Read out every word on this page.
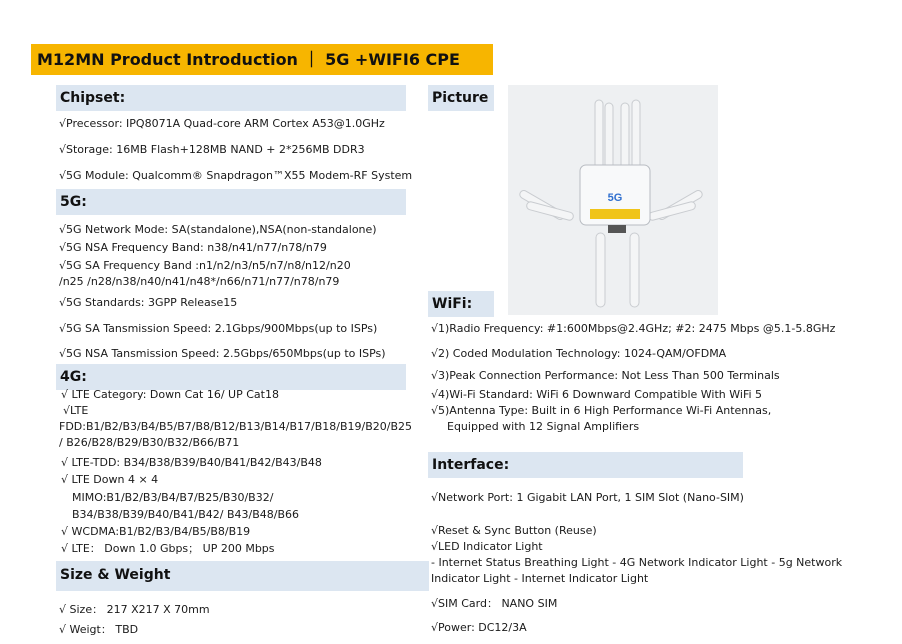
M12MN Product Introduction ｜ 5G +WIFI6 CPE
Chipset:
√Precessor: IPQ8071A Quad-core ARM Cortex A53@1.0GHz
√Storage: 16MB Flash+128MB NAND + 2*256MB DDR3
√5G Module: Qualcomm® Snapdragon™X55 Modem-RF System
5G:
√5G Network Mode: SA(standalone),NSA(non-standalone)
√5G NSA Frequency Band: n38/n41/n77/n78/n79
√5G SA Frequency Band :n1/n2/n3/n5/n7/n8/n12/n20
/n25 /n28/n38/n40/n41/n48*/n66/n71/n77/n78/n79
√5G Standards: 3GPP Release15
√5G SA Tansmission Speed: 2.1Gbps/900Mbps(up to ISPs)
√5G NSA Tansmission Speed: 2.5Gbps/650Mbps(up to ISPs)
4G:
√ LTE Category: Down Cat 16/ UP Cat18
√LTE
FDD:B1/B2/B3/B4/B5/B7/B8/B12/B13/B14/B17/B18/B19/B20/B25
/ B26/B28/B29/B30/B32/B66/B71
√ LTE-TDD: B34/B38/B39/B40/B41/B42/B43/B48
√ LTE Down 4 × 4
MIMO:B1/B2/B3/B4/B7/B25/B30/B32/
B34/B38/B39/B40/B41/B42/ B43/B48/B66
√ WCDMA:B1/B2/B3/B4/B5/B8/B19
√ LTE： Down 1.0 Gbps； UP 200 Mbps
Size & Weight
√ Size： 217 X217 X 70mm
√ Weigt： TBD
Picture
5G
WiFi:
√1)Radio Frequency: #1:600Mbps@2.4GHz; #2: 2475 Mbps @5.1-5.8GHz
√2) Coded Modulation Technology: 1024-QAM/OFDMA
√3)Peak Connection Performance: Not Less Than 500 Terminals
√4)Wi-Fi Standard: WiFi 6 Downward Compatible With WiFi 5
√5)Antenna Type: Built in 6 High Performance Wi-Fi Antennas,
Equipped with 12 Signal Amplifiers
Interface:
√Network Port: 1 Gigabit LAN Port, 1 SIM Slot (Nano-SIM)
√Reset & Sync Button (Reuse)
√LED Indicator Light
- Internet Status Breathing Light - 4G Network Indicator Light - 5g Network
Indicator Light - Internet Indicator Light
√SIM Card： NANO SIM
√Power: DC12/3A
